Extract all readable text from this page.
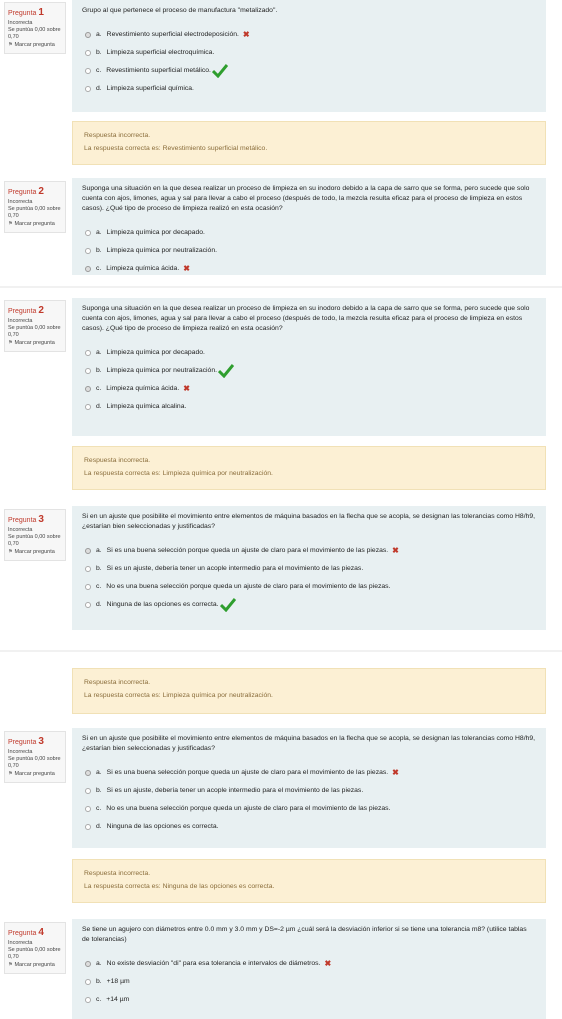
Pregunta 1
Incorrecta
Se puntúa 0,00 sobre 0,70
⚑ Marcar pregunta
Grupo al que pertenece el proceso de manufactura "metalizado".
a. Revestimiento superficial electrodeposición. ✖
b. Limpieza superficial electroquímica.
c. Revestimiento superficial metálico.
d. Limpieza superficial química.
Respuesta incorrecta.
La respuesta correcta es: Revestimiento superficial metálico.
Pregunta 2
Incorrecta
Se puntúa 0,00 sobre 0,70
⚑ Marcar pregunta
Suponga una situación en la que desea realizar un proceso de limpieza en su inodoro debido a la capa de sarro que se forma, pero sucede que solo cuenta con ajos, limones, agua y sal para llevar a cabo el proceso (después de todo, la mezcla resulta eficaz para el proceso de limpieza en estos casos). ¿Qué tipo de proceso de limpieza realizó en esta ocasión?
a. Limpieza química por decapado.
b. Limpieza química por neutralización.
c. Limpieza química ácida. ✖
Pregunta 2
Incorrecta
Se puntúa 0,00 sobre 0,70
⚑ Marcar pregunta
Suponga una situación en la que desea realizar un proceso de limpieza en su inodoro debido a la capa de sarro que se forma, pero sucede que solo cuenta con ajos, limones, agua y sal para llevar a cabo el proceso (después de todo, la mezcla resulta eficaz para el proceso de limpieza en estos casos). ¿Qué tipo de proceso de limpieza realizó en esta ocasión?
a. Limpieza química por decapado.
b. Limpieza química por neutralización.
c. Limpieza química ácida. ✖
d. Limpieza química alcalina.
Respuesta incorrecta.
La respuesta correcta es: Limpieza química por neutralización.
Pregunta 3
Incorrecta
Se puntúa 0,00 sobre 0,70
⚑ Marcar pregunta
Si en un ajuste que posibilite el movimiento entre elementos de máquina basados en la flecha que se acopla, se designan las tolerancias como H8/h9, ¿estarían bien seleccionadas y justificadas?
a. Si es una buena selección porque queda un ajuste de claro para el movimiento de las piezas. ✖
b. Si es un ajuste, debería tener un acople intermedio para el movimiento de las piezas.
c. No es una buena selección porque queda un ajuste de claro para el movimiento de las piezas.
d. Ninguna de las opciones es correcta.
Respuesta incorrecta.
La respuesta correcta es: Limpieza química por neutralización.
Pregunta 3
Incorrecta
Se puntúa 0,00 sobre 0,70
⚑ Marcar pregunta
Si en un ajuste que posibilite el movimiento entre elementos de máquina basados en la flecha que se acopla, se designan las tolerancias como H8/h9, ¿estarían bien seleccionadas y justificadas?
a. Si es una buena selección porque queda un ajuste de claro para el movimiento de las piezas. ✖
b. Si es un ajuste, debería tener un acople intermedio para el movimiento de las piezas.
c. No es una buena selección porque queda un ajuste de claro para el movimiento de las piezas.
d. Ninguna de las opciones es correcta.
Respuesta incorrecta.
La respuesta correcta es: Ninguna de las opciones es correcta.
Pregunta 4
Incorrecta
Se puntúa 0,00 sobre 0,70
⚑ Marcar pregunta
Se tiene un agujero con diámetros entre 0.0 mm y 3.0 mm y DS=-2 µm ¿cuál será la desviación inferior si se tiene una tolerancia m8? (utilice tablas de tolerancias)
a. No existe desviación "di" para esa tolerancia e intervalos de diámetros. ✖
b. +18 µm
c. +14 µm
